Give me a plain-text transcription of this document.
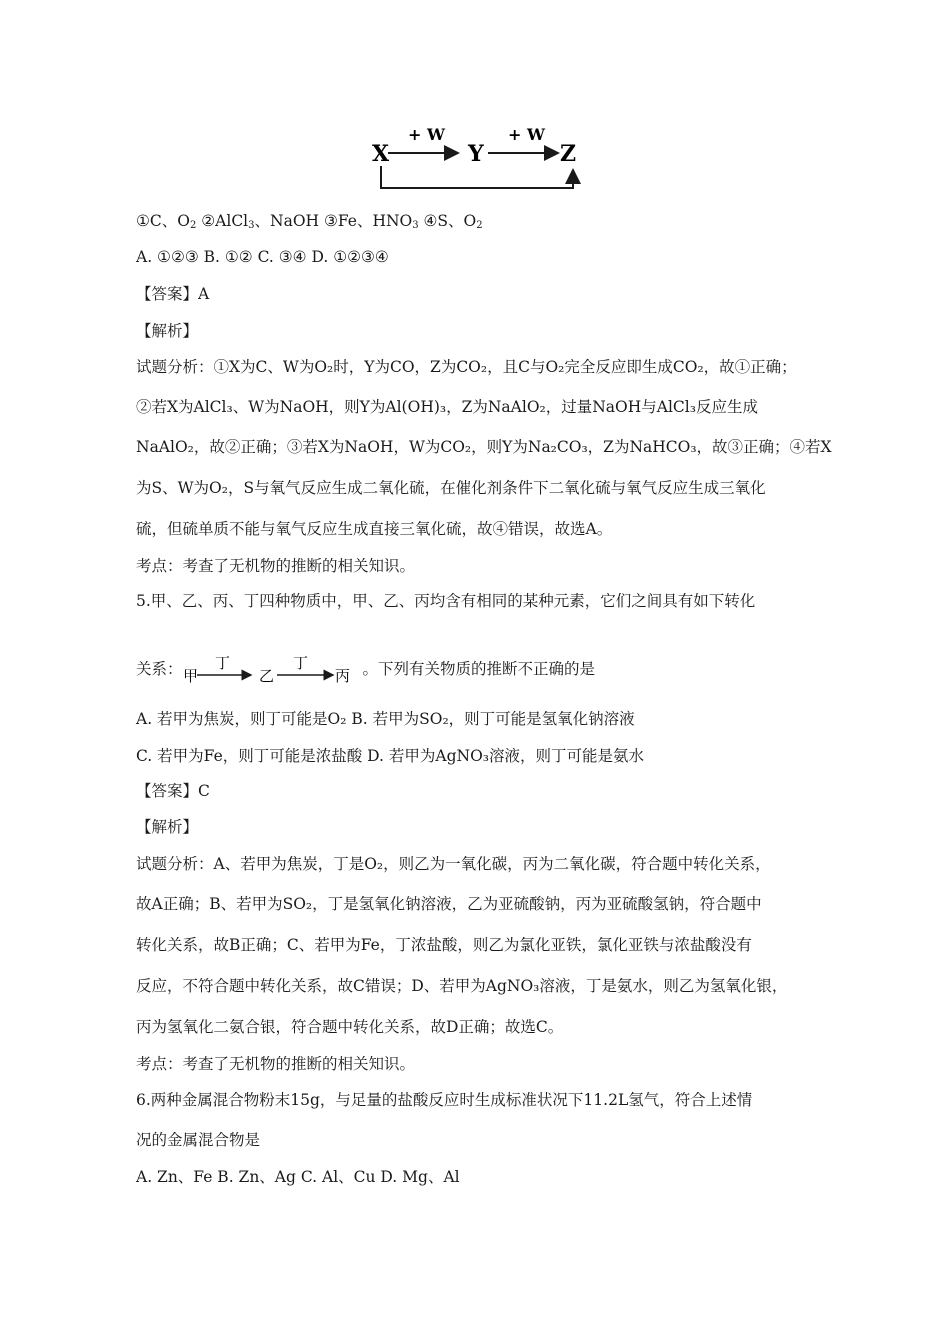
X
+ W
Y
+ W
Z
①C、$O_2$ ②AlCl$_3$、NaOH ③Fe、$HNO_3$ ④S、$O_2$
A. ①②③ B. ①② C. ③④ D. ①②③④
【答案】A
【解析】
试题分析：①X为C、W为O₂时，Y为CO，Z为CO₂，且C与O₂完全反应即生成CO₂，故①正确；
②若X为AlCl₃、W为NaOH，则Y为Al(OH)₃，Z为NaAlO₂，过量NaOH与AlCl₃反应生成
NaAlO₂，故②正确；③若X为NaOH，W为CO₂，则Y为Na₂CO₃，Z为NaHCO₃，故③正确；④若X
为S、W为O₂，S与氧气反应生成二氧化硫，在催化剂条件下二氧化硫与氧气反应生成三氧化
硫，但硫单质不能与氧气反应生成直接三氧化硫，故④错误，故选A。
考点：考查了无机物的推断的相关知识。
5.甲、乙、丙、丁四种物质中，甲、乙、丙均含有相同的某种元素，它们之间具有如下转化
关系： 甲
丁
乙
丁
丙 。下列有关物质的推断不正确的是
A. 若甲为焦炭，则丁可能是O₂ B. 若甲为SO₂，则丁可能是氢氧化钠溶液
C. 若甲为Fe，则丁可能是浓盐酸 D. 若甲为AgNO₃溶液，则丁可能是氨水
【答案】C
【解析】
试题分析：A、若甲为焦炭，丁是O₂，则乙为一氧化碳，丙为二氧化碳，符合题中转化关系，
故A正确；B、若甲为SO₂，丁是氢氧化钠溶液，乙为亚硫酸钠，丙为亚硫酸氢钠，符合题中
转化关系，故B正确；C、若甲为Fe，丁浓盐酸，则乙为氯化亚铁，氯化亚铁与浓盐酸没有
反应，不符合题中转化关系，故C错误；D、若甲为AgNO₃溶液，丁是氨水，则乙为氢氧化银，
丙为氢氧化二氨合银，符合题中转化关系，故D正确；故选C。
考点：考查了无机物的推断的相关知识。
6.两种金属混合物粉末15g，与足量的盐酸反应时生成标准状况下11.2L氢气，符合上述情
况的金属混合物是
A. Zn、Fe B. Zn、Ag C. Al、Cu D. Mg、Al
